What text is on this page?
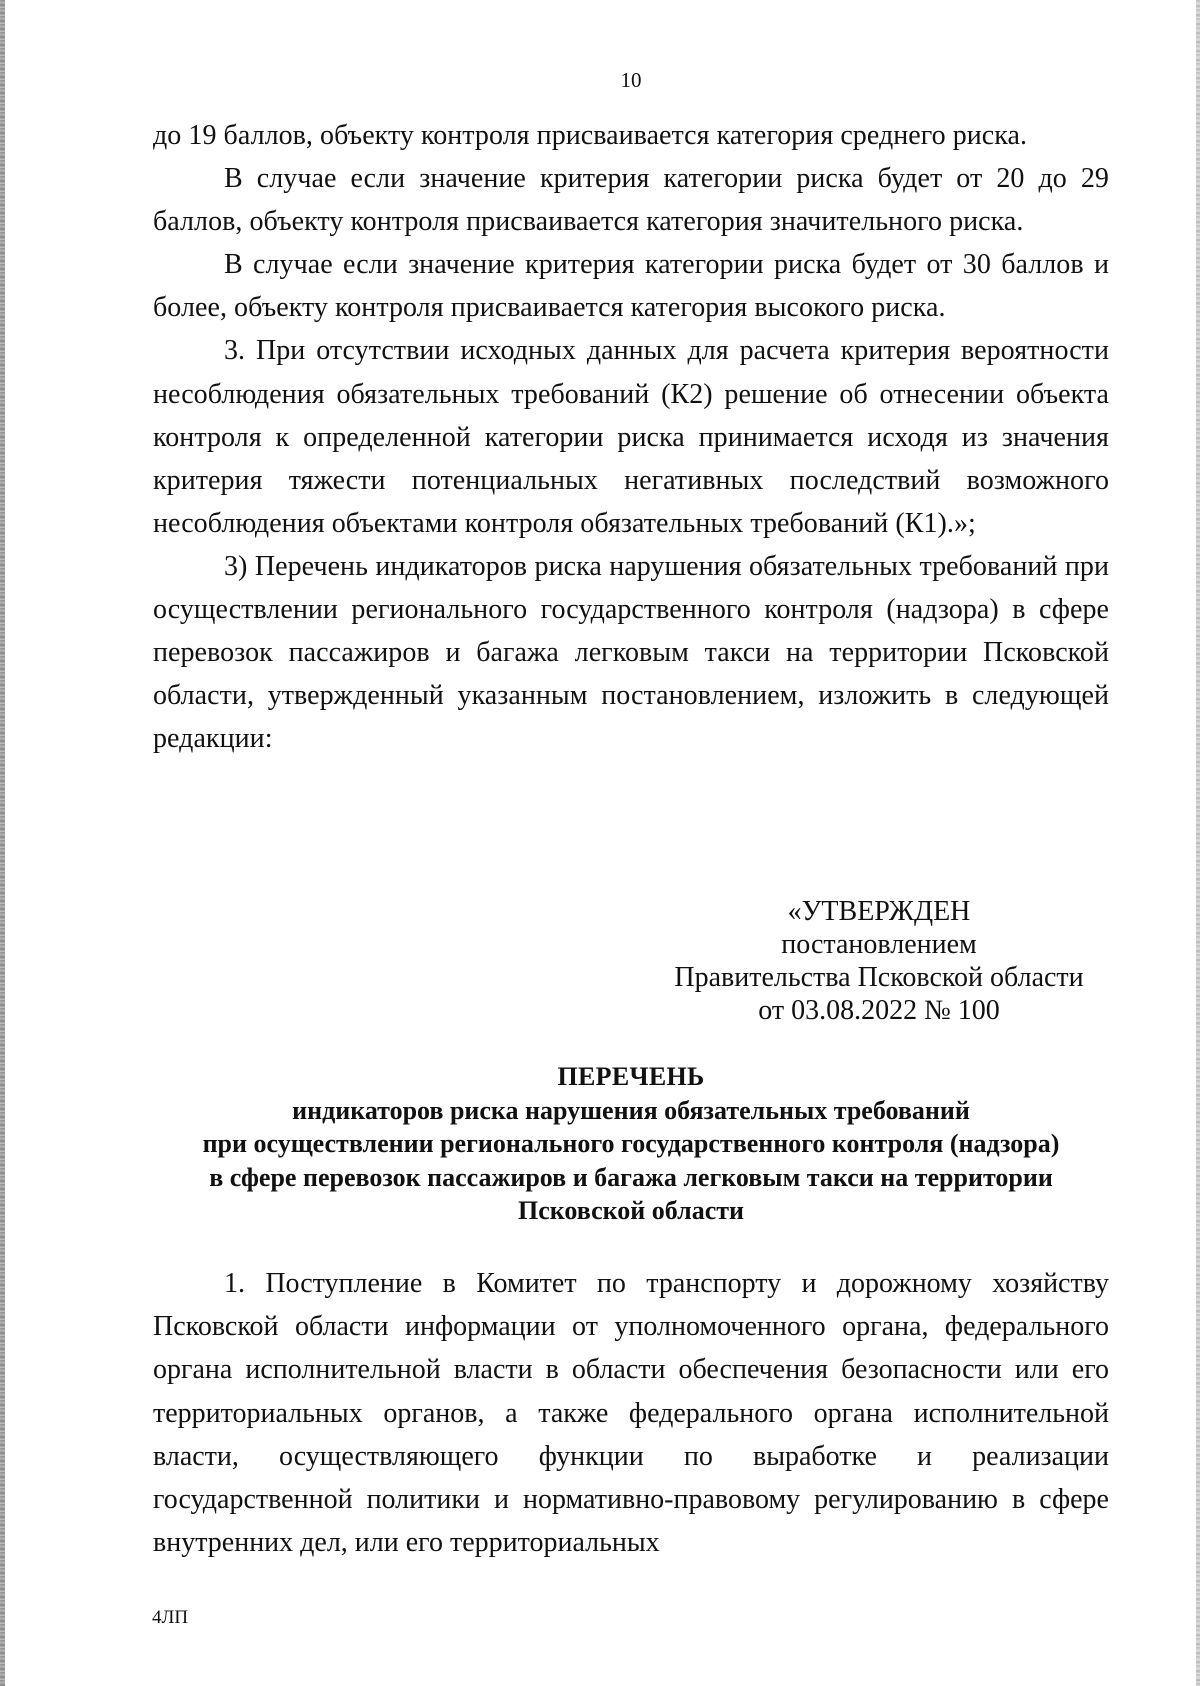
10

до 19 баллов, объекту контроля присваивается категория среднего риска.

В случае если значение критерия категории риска будет от 20 до 29 баллов, объекту контроля присваивается категория значительного риска.

В случае если значение критерия категории риска будет от 30 баллов и более, объекту контроля присваивается категория высокого риска.

3. При отсутствии исходных данных для расчета критерия вероятности несоблюдения обязательных требований (К2) решение об отнесении объекта контроля к определенной категории риска принимается исходя из значения критерия тяжести потенциальных негативных последствий возможного несоблюдения объектами контроля обязательных требований (К1).»;

3) Перечень индикаторов риска нарушения обязательных требований при осуществлении регионального государственного контроля (надзора) в сфере перевозок пассажиров и багажа легковым такси на территории Псковской области, утвержденный указанным постановлением, изложить в следующей редакции:

«УТВЕРЖДЕН
постановлением
Правительства Псковской области
от 03.08.2022 № 100
ПЕРЕЧЕНЬ
индикаторов риска нарушения обязательных требований
при осуществлении регионального государственного контроля (надзора)
в сфере перевозок пассажиров и багажа легковым такси на территории
Псковской области

1. Поступление в Комитет по транспорту и дорожному хозяйству Псковской области информации от уполномоченного органа, федерального органа исполнительной власти в области обеспечения безопасности или его территориальных органов, а также федерального органа исполнительной власти, осуществляющего функции по выработке и реализации государственной политики и нормативно-правовому регулированию в сфере внутренних дел, или его территориальных

4ЛП
